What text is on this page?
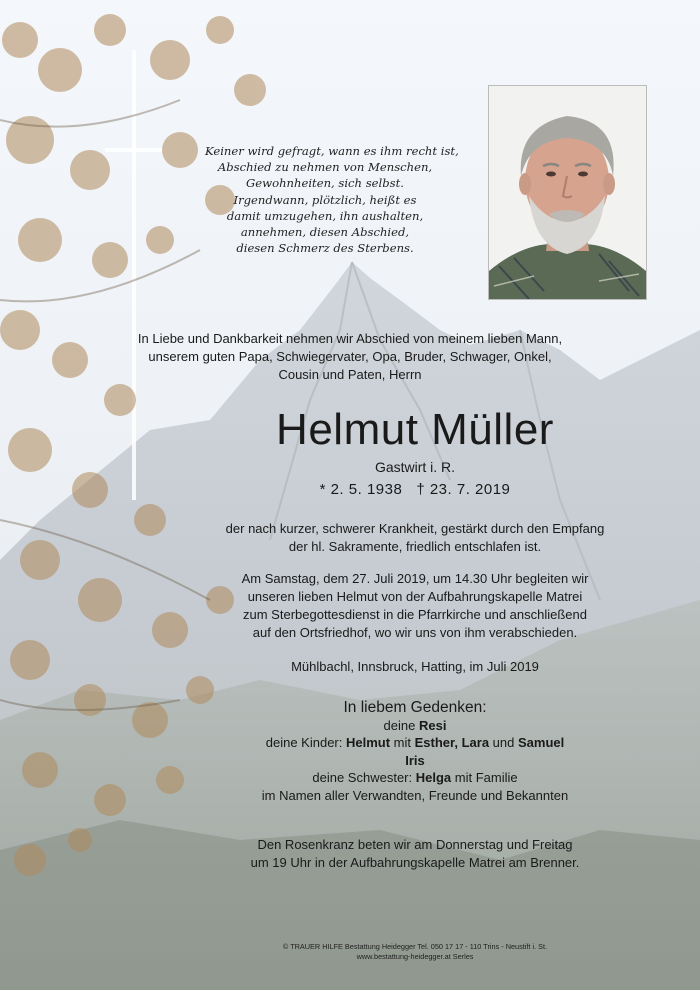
Keiner wird gefragt, wann es ihm recht ist,
Abschied zu nehmen von Menschen,
Gewohnheiten, sich selbst.
Irgendwann, plötzlich, heißt es
damit umzugehen, ihn aushalten,
annehmen, diesen Abschied,
diesen Schmerz des Sterbens.
In Liebe und Dankbarkeit nehmen wir Abschied von meinem lieben Mann,
unserem guten Papa, Schwiegervater, Opa, Bruder, Schwager, Onkel,
Cousin und Paten, Herrn
Helmut Müller
Gastwirt i. R.
* 2. 5. 1938 † 23. 7. 2019
der nach kurzer, schwerer Krankheit, gestärkt durch den Empfang
der hl. Sakramente, friedlich entschlafen ist.
Am Samstag, dem 27. Juli 2019, um 14.30 Uhr begleiten wir
unseren lieben Helmut von der Aufbahrungskapelle Matrei
zum Sterbegottesdienst in die Pfarrkirche und anschließend
auf den Ortsfriedhof, wo wir uns von ihm verabschieden.
Mühlbachl, Innsbruck, Hatting, im Juli 2019
In liebem Gedenken:
deine Resi
deine Kinder: Helmut mit Esther, Lara und Samuel
Iris
deine Schwester: Helga mit Familie
im Namen aller Verwandten, Freunde und Bekannten
Den Rosenkranz beten wir am Donnerstag und Freitag
um 19 Uhr in der Aufbahrungskapelle Matrei am Brenner.
© TRAUER HILFE Bestattung Heidegger Tel. 050 17 17 - 110 Trins - Neustift i. St.
www.bestattung-heidegger.at Serles
